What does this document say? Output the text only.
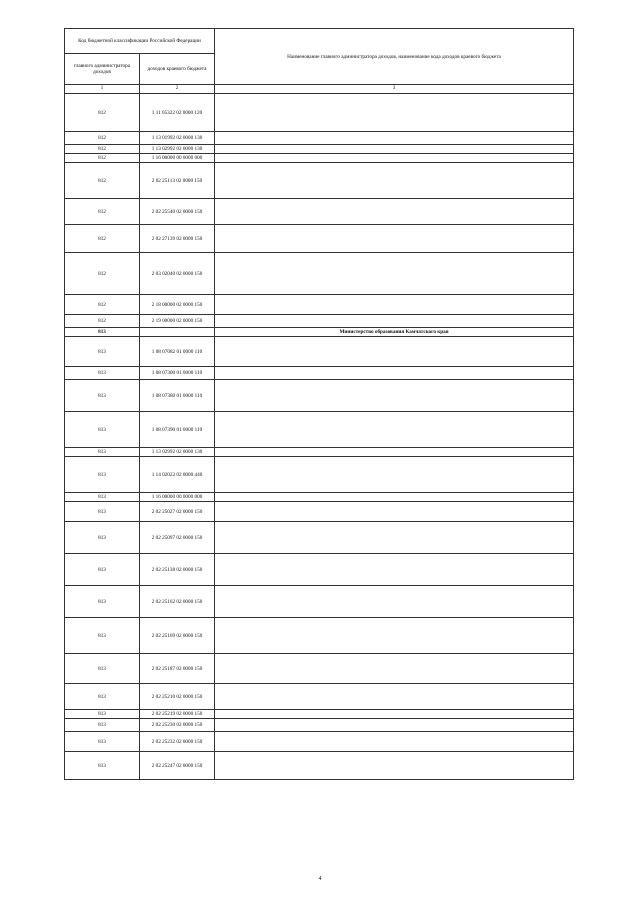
Код бюджетной классификации Российской Федерации		Наименование главного администратора доходов, наименование кода доходов краевого бюджета
главного администратора доходов	доходов краевого бюджета	
1	2	3
812	1 11 05322 02 0000 120	
812	1 13 01992 02 0000 130	
812	1 13 02992 02 0000 130	
812	1 16 00000 00 0000 000	
812	2 02 25113 02 0000 150	
812	2 02 25540 02 0000 150	
812	2 02 27139 02 0000 150	
812	2 03 02040 02 0000 150	
812	2 18 00000 02 0000 150	
812	2 19 00000 02 0000 150	
813		Министерство образования Камчатского края
813	1 08 07082 01 0000 110	
813	1 08 07300 01 0000 110	
813	1 08 07380 01 0000 110	
813	1 08 07390 01 0000 110	
813	1 13 02992 02 0000 130	
813	1 14 02022 02 0000 440	
813	1 16 00000 00 0000 000	
813	2 02 25027 02 0000 150	
813	2 02 25097 02 0000 150	
813	2 02 25138 02 0000 150	
813	2 02 25162 02 0000 150	
813	2 02 25169 02 0000 150	
813	2 02 25187 02 0000 150	
813	2 02 25210 02 0000 150	
813	2 02 25219 02 0000 150	
813	2 02 25230 02 0000 150	
813	2 02 25232 02 0000 150	
813	2 02 25247 02 0000 150	
4
